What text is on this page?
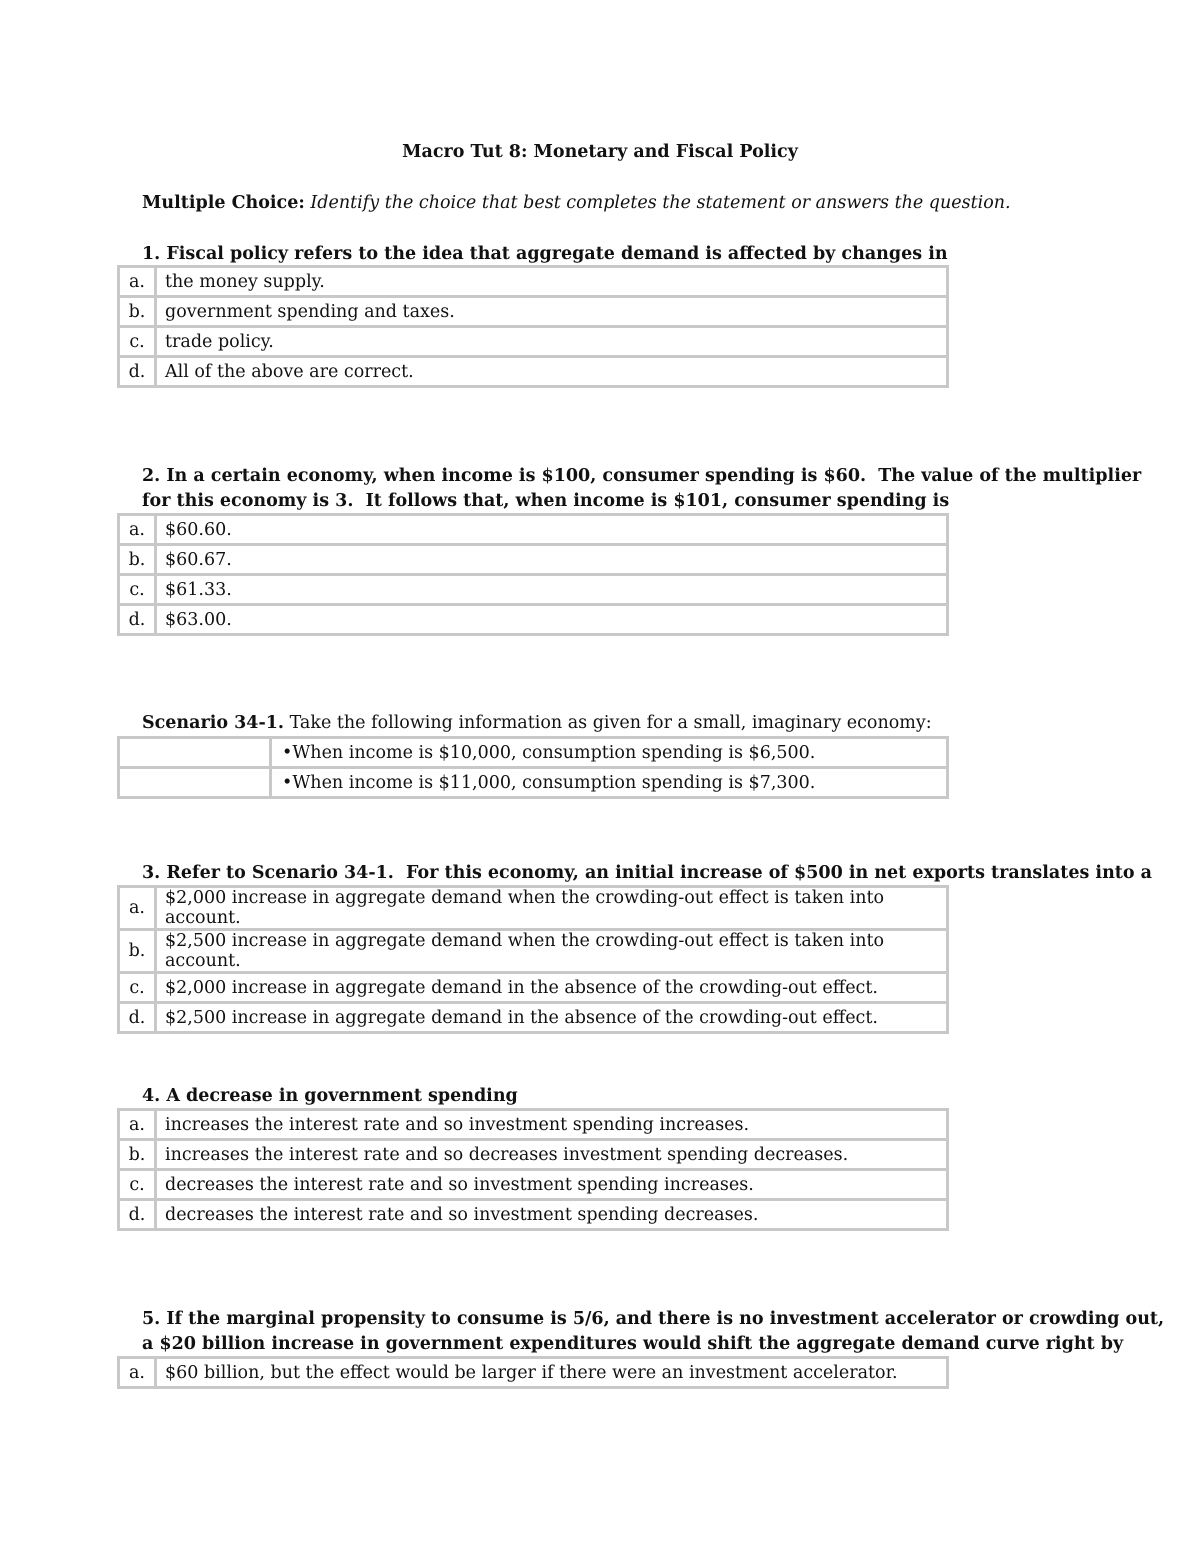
Macro Tut 8: Monetary and Fiscal Policy
Multiple Choice: Identify the choice that best completes the statement or answers the question.
1. Fiscal policy refers to the idea that aggregate demand is affected by changes in
a.	the money supply.
b.	government spending and taxes.
c.	trade policy.
d.	All of the above are correct.
2. In a certain economy, when income is $100, consumer spending is $60.  The value of the multiplier for this economy is 3.  It follows that, when income is $101, consumer spending is
a.	$60.60.
b.	$60.67.
c.	$61.33.
d.	$63.00.
Scenario 34-1. Take the following information as given for a small, imaginary economy:
	•When income is $10,000, consumption spending is $6,500.
	•When income is $11,000, consumption spending is $7,300.
3. Refer to Scenario 34-1.  For this economy, an initial increase of $500 in net exports translates into a
a.	$2,000 increase in aggregate demand when the crowding-out effect is taken into account.
b.	$2,500 increase in aggregate demand when the crowding-out effect is taken into account.
c.	$2,000 increase in aggregate demand in the absence of the crowding-out effect.
d.	$2,500 increase in aggregate demand in the absence of the crowding-out effect.
4. A decrease in government spending
a.	increases the interest rate and so investment spending increases.
b.	increases the interest rate and so decreases investment spending decreases.
c.	decreases the interest rate and so investment spending increases.
d.	decreases the interest rate and so investment spending decreases.
5. If the marginal propensity to consume is 5/6, and there is no investment accelerator or crowding out, a $20 billion increase in government expenditures would shift the aggregate demand curve right by
a.	$60 billion, but the effect would be larger if there were an investment accelerator.
